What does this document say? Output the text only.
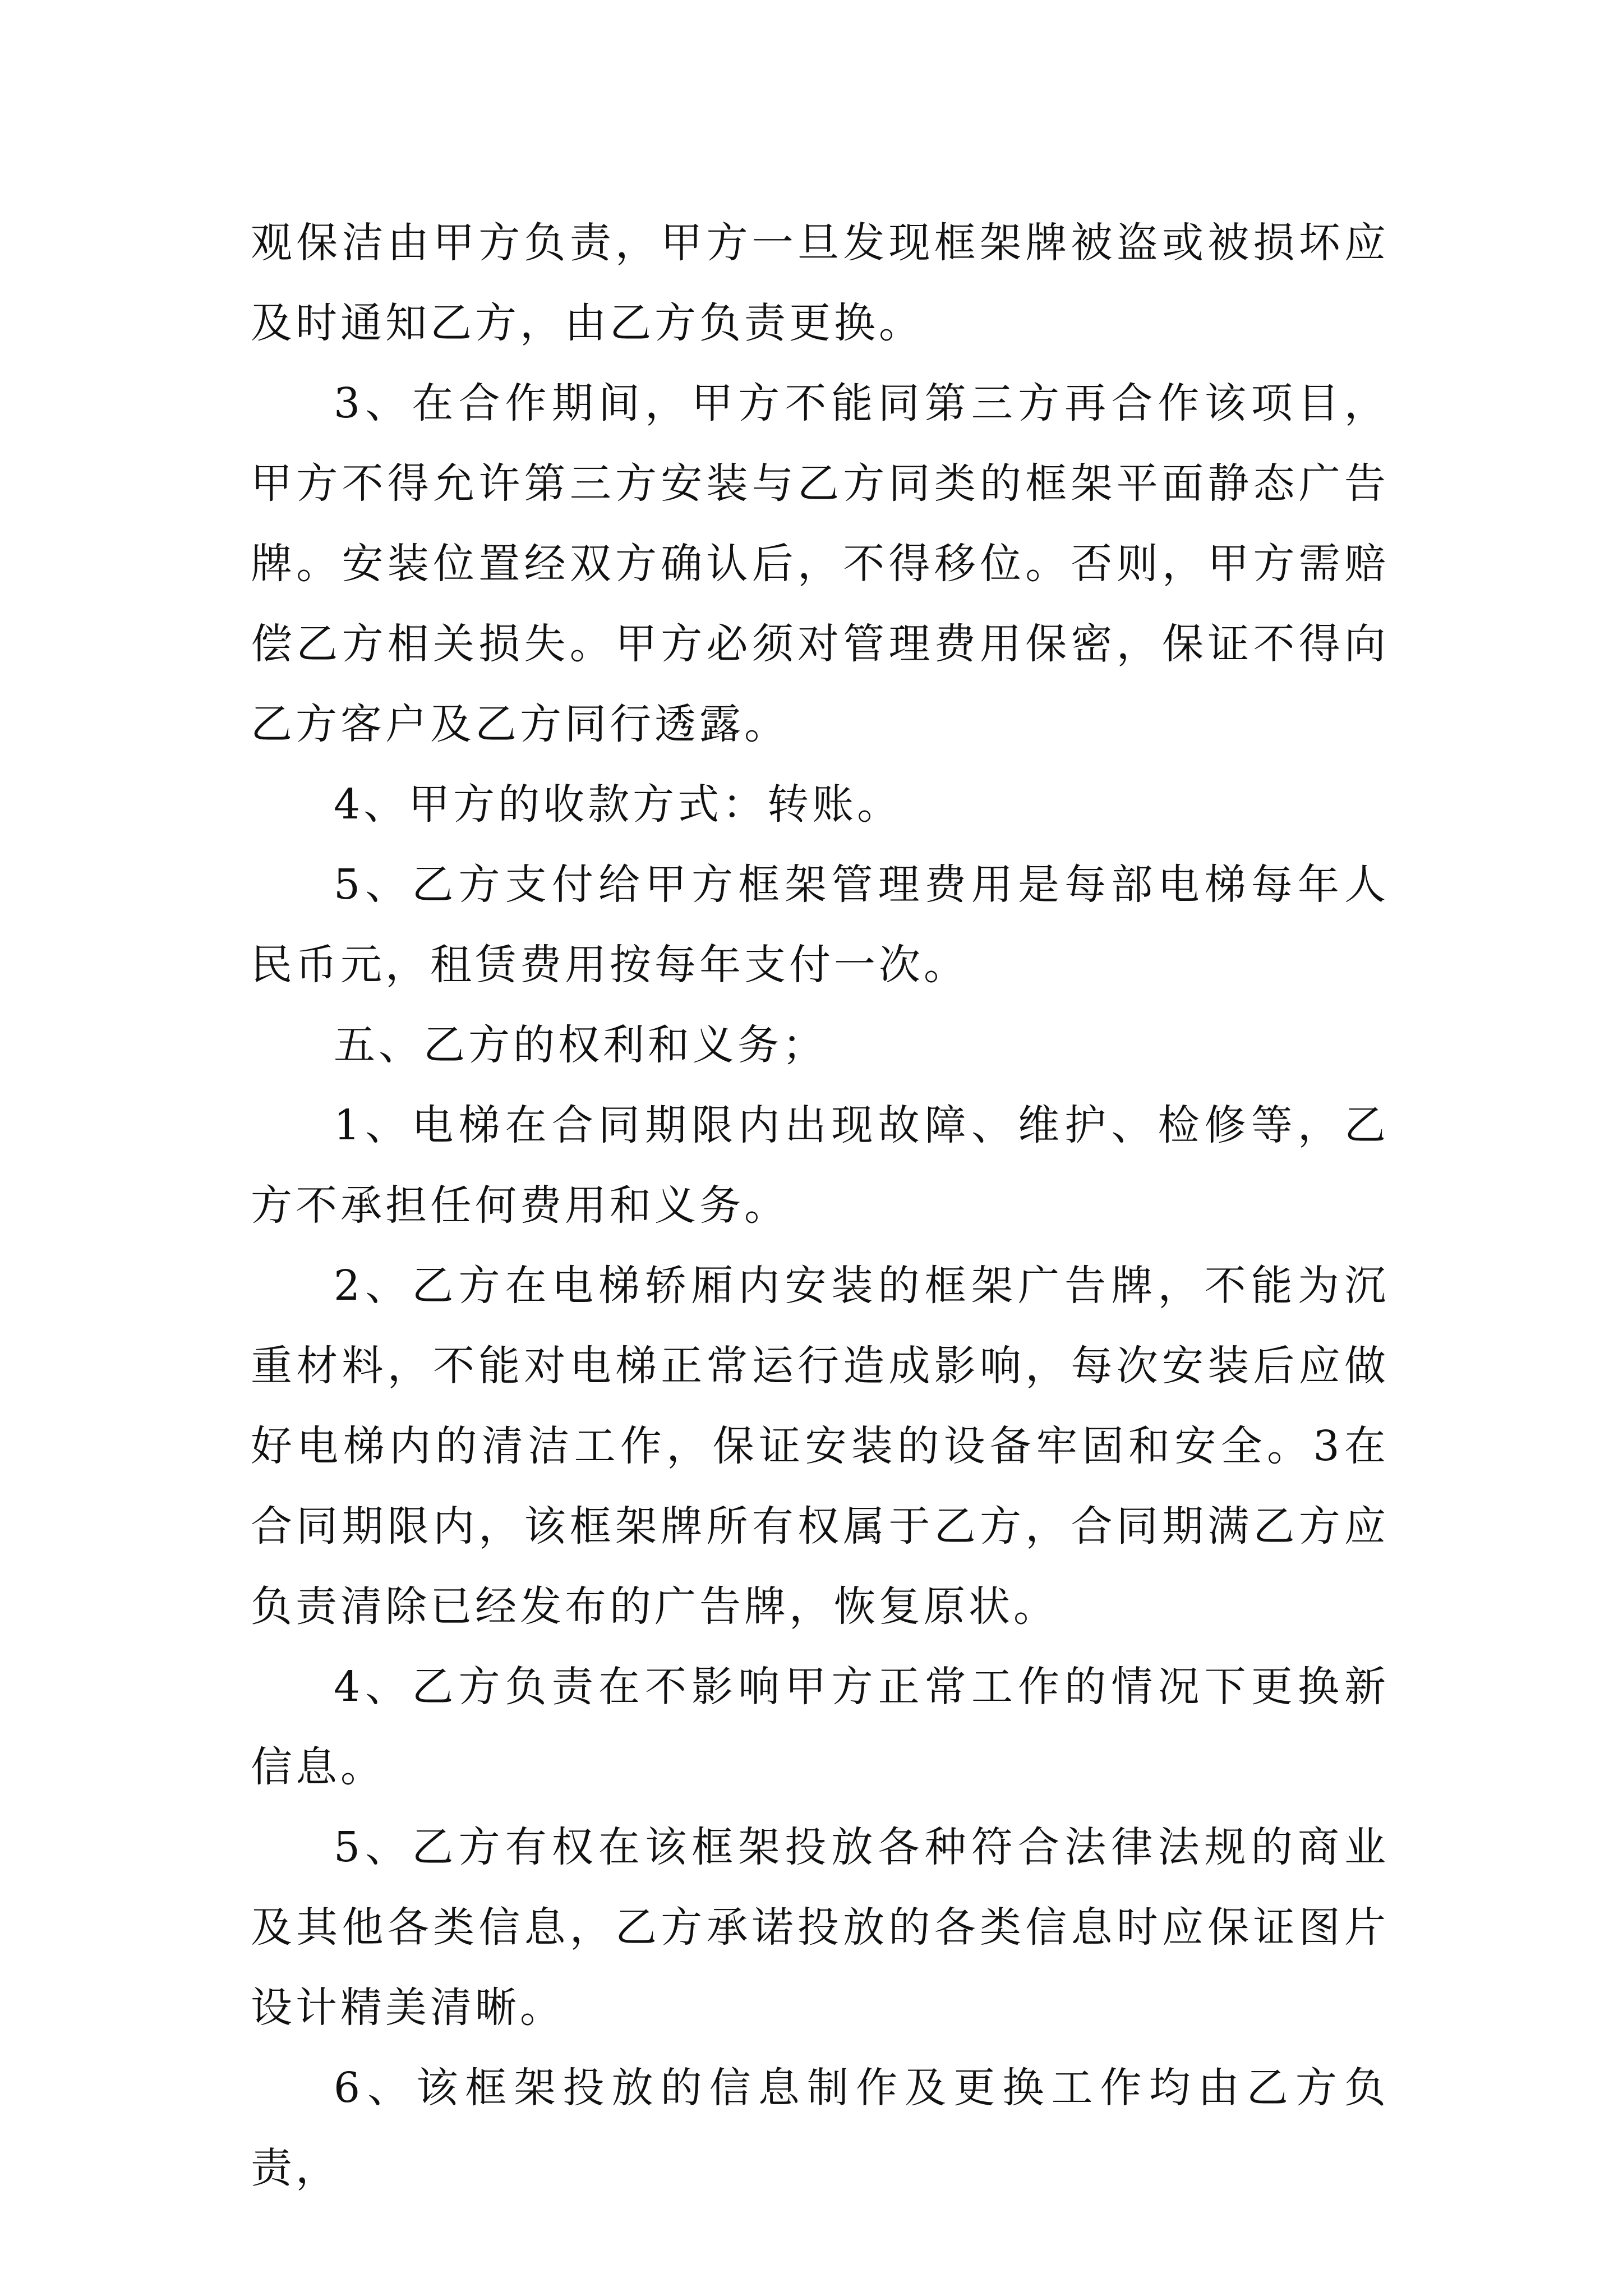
观保洁由甲方负责，甲方一旦发现框架牌被盗或被损坏应及时通知乙方，由乙方负责更换。

3、在合作期间，甲方不能同第三方再合作该项目，甲方不得允许第三方安装与乙方同类的框架平面静态广告牌。安装位置经双方确认后，不得移位。否则，甲方需赔偿乙方相关损失。甲方必须对管理费用保密，保证不得向乙方客户及乙方同行透露。

4、甲方的收款方式：转账。

5、乙方支付给甲方框架管理费用是每部电梯每年人民币元，租赁费用按每年支付一次。

五、乙方的权利和义务；

1、电梯在合同期限内出现故障、维护、检修等，乙方不承担任何费用和义务。

2、乙方在电梯轿厢内安装的框架广告牌，不能为沉重材料，不能对电梯正常运行造成影响，每次安装后应做好电梯内的清洁工作，保证安装的设备牢固和安全。3在合同期限内，该框架牌所有权属于乙方，合同期满乙方应负责清除已经发布的广告牌，恢复原状。

4、乙方负责在不影响甲方正常工作的情况下更换新信息。

5、乙方有权在该框架投放各种符合法律法规的商业及其他各类信息，乙方承诺投放的各类信息时应保证图片设计精美清晰。

6、该框架投放的信息制作及更换工作均由乙方负责，
